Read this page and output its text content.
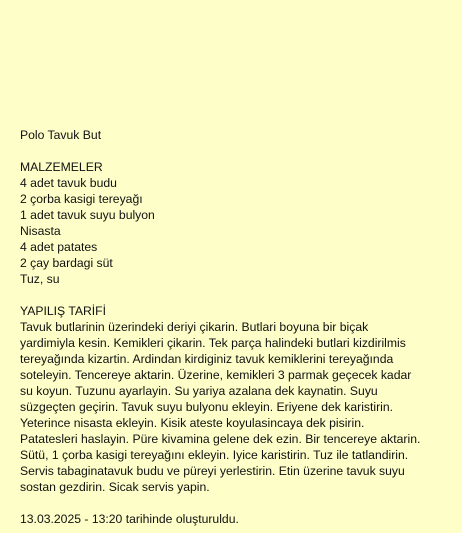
Polo Tavuk But
MALZEMELER
4 adet tavuk budu
2 çorba kasigi tereyağı
1 adet tavuk suyu bulyon
Nisasta
4 adet patates
2 çay bardagi süt
Tuz, su
YAPILIŞ TARİFİ
Tavuk butlarinin üzerindeki deriyi çikarin. Butlari boyuna bir biçak
yardimiyla kesin. Kemikleri çikarin. Tek parça halindeki butlari kizdirilmis
tereyağında kizartin. Ardindan kirdiginiz tavuk kemiklerini tereyağında
soteleyin. Tencereye aktarin. Üzerine, kemikleri 3 parmak geçecek kadar
su koyun. Tuzunu ayarlayin. Su yariya azalana dek kaynatin. Suyu
süzgeçten geçirin. Tavuk suyu bulyonu ekleyin. Eriyene dek karistirin.
Yeterince nisasta ekleyin. Kisik ateste koyulasincaya dek pisirin.
Patatesleri haslayin. Püre kivamina gelene dek ezin. Bir tencereye aktarin.
Sütü, 1 çorba kasigi tereyağını ekleyin. Iyice karistirin. Tuz ile tatlandirin.
Servis tabaginatavuk budu ve püreyi yerlestirin. Etin üzerine tavuk suyu
sostan gezdirin. Sicak servis yapin.
13.03.2025 - 13:20 tarihinde oluşturuldu.
